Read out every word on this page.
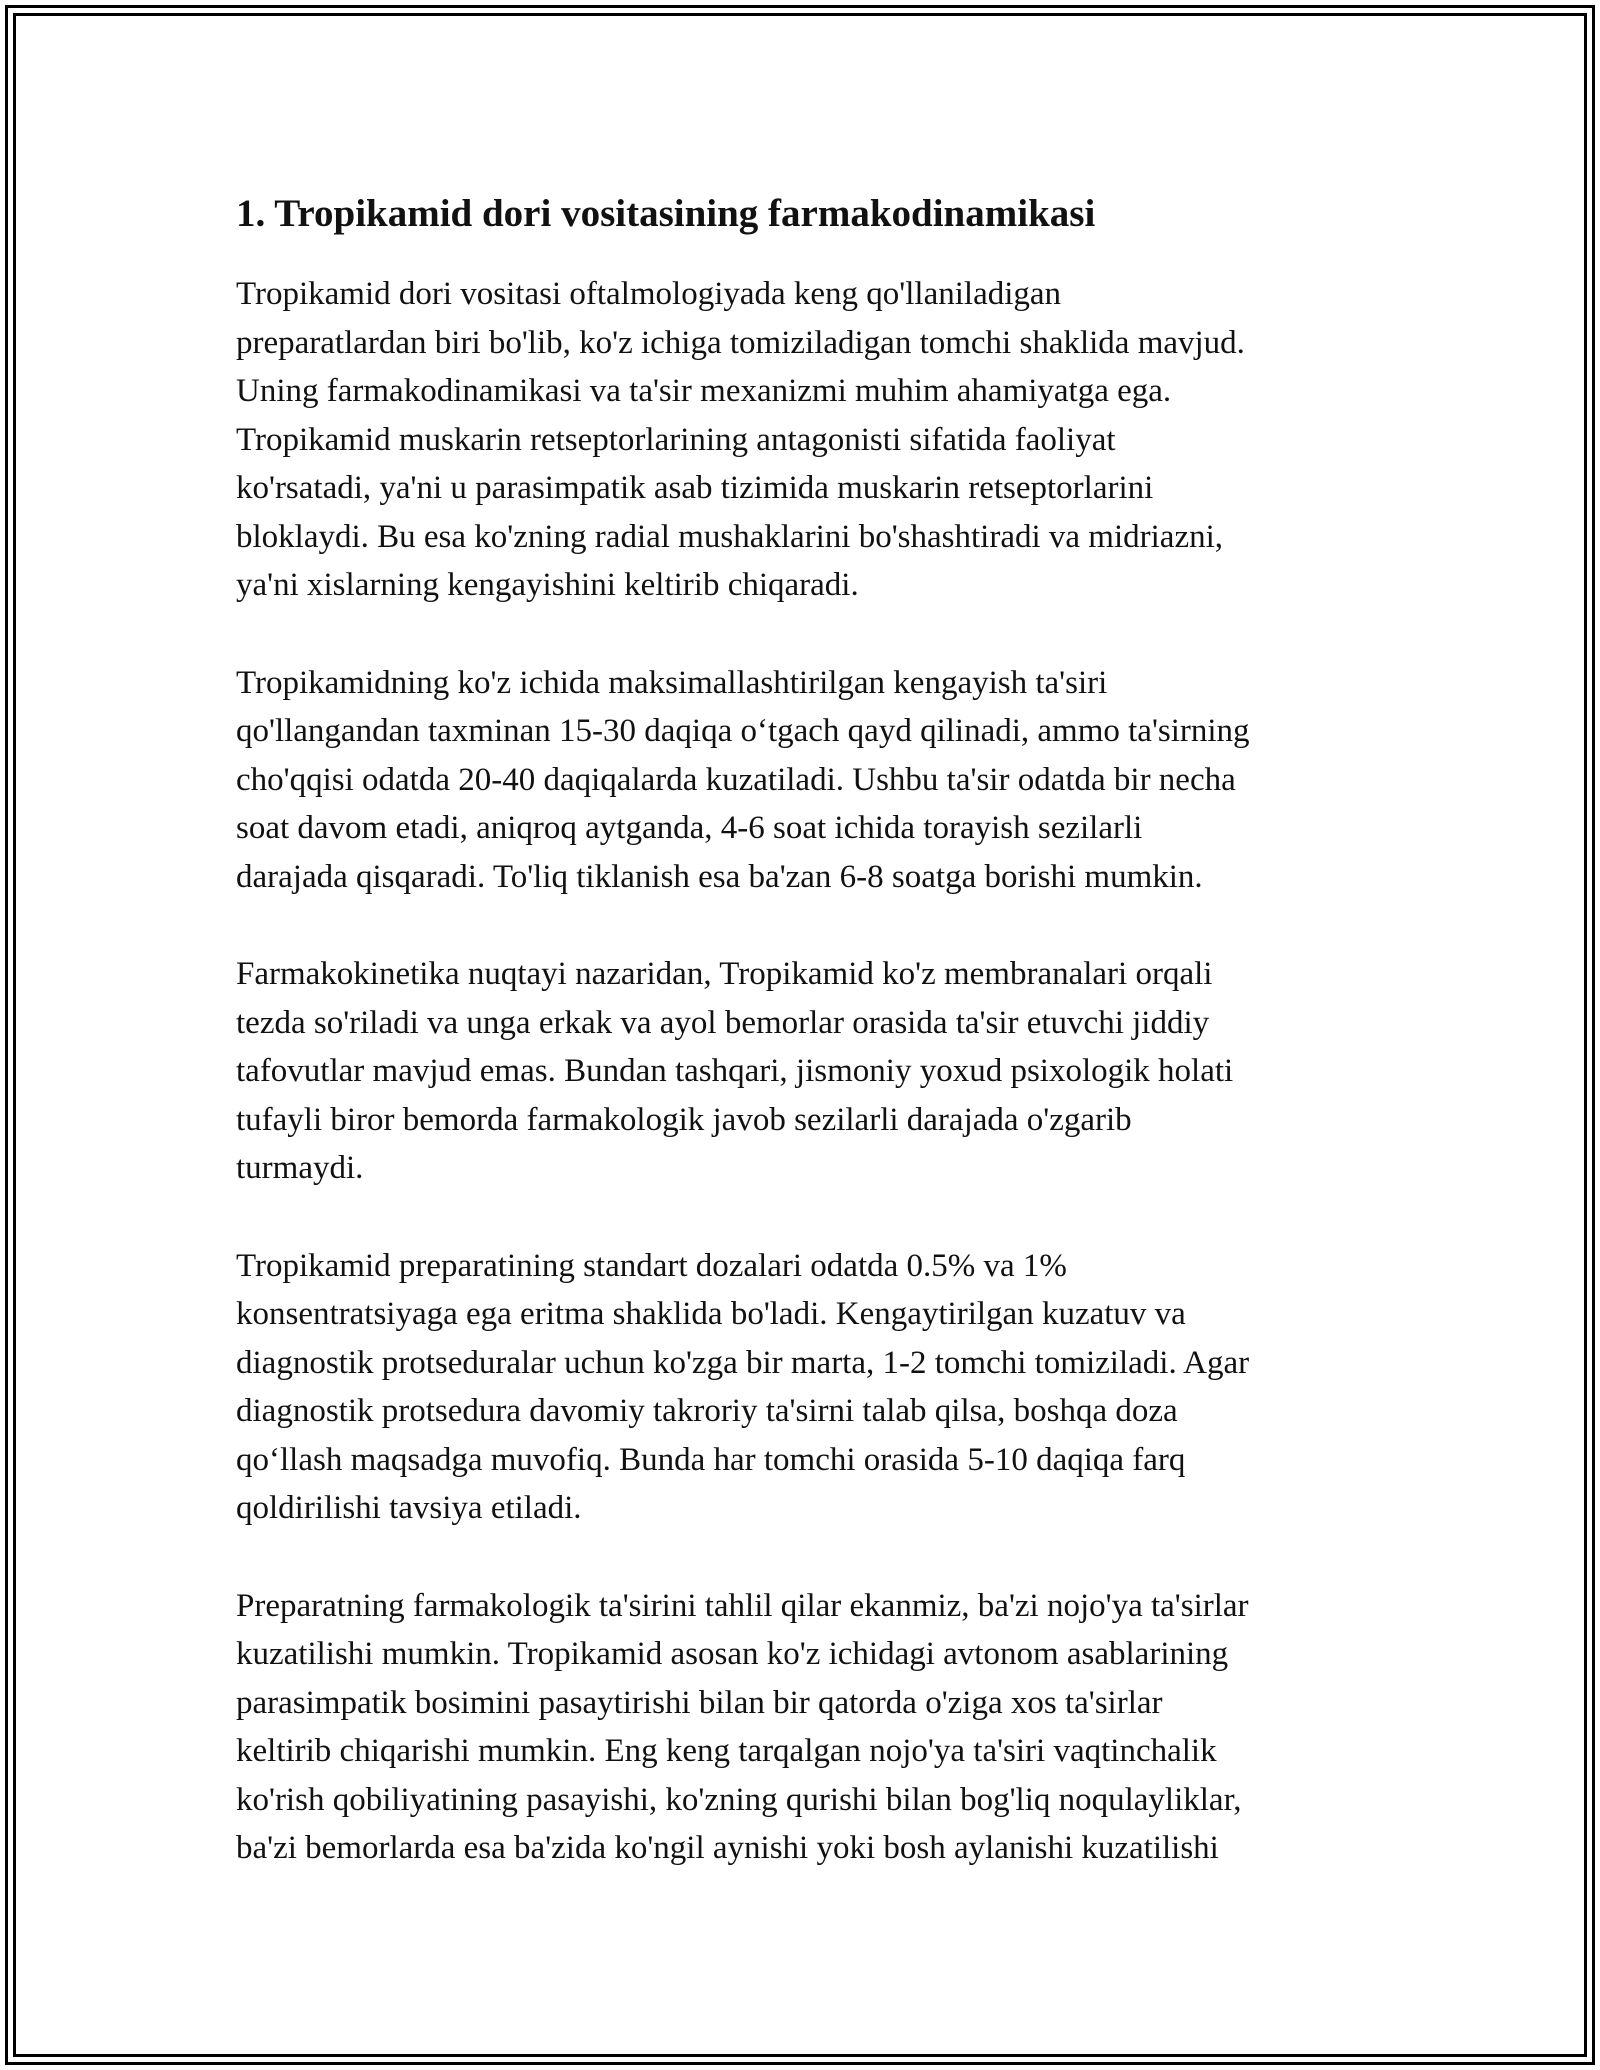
1. Tropikamid dori vositasining farmakodinamikasi
Tropikamid dori vositasi oftalmologiyada keng qo'llaniladigan
preparatlardan biri bo'lib, ko'z ichiga tomiziladigan tomchi shaklida mavjud.
Uning farmakodinamikasi va ta'sir mexanizmi muhim ahamiyatga ega.
Tropikamid muskarin retseptorlarining antagonisti sifatida faoliyat
ko'rsatadi, ya'ni u parasimpatik asab tizimida muskarin retseptorlarini
bloklaydi. Bu esa ko'zning radial mushaklarini bo'shashtiradi va midriazni,
ya'ni xislarning kengayishini keltirib chiqaradi.
Tropikamidning ko'z ichida maksimallashtirilgan kengayish ta'siri
qo'llangandan taxminan 15-30 daqiqa o‘tgach qayd qilinadi, ammo ta'sirning
cho'qqisi odatda 20-40 daqiqalarda kuzatiladi. Ushbu ta'sir odatda bir necha
soat davom etadi, aniqroq aytganda, 4-6 soat ichida torayish sezilarli
darajada qisqaradi. To'liq tiklanish esa ba'zan 6-8 soatga borishi mumkin.
Farmakokinetika nuqtayi nazaridan, Tropikamid ko'z membranalari orqali
tezda so'riladi va unga erkak va ayol bemorlar orasida ta'sir etuvchi jiddiy
tafovutlar mavjud emas. Bundan tashqari, jismoniy yoxud psixologik holati
tufayli biror bemorda farmakologik javob sezilarli darajada o'zgarib
turmaydi.
Tropikamid preparatining standart dozalari odatda 0.5% va 1%
konsentratsiyaga ega eritma shaklida bo'ladi. Kengaytirilgan kuzatuv va
diagnostik protseduralar uchun ko'zga bir marta, 1-2 tomchi tomiziladi. Agar
diagnostik protsedura davomiy takroriy ta'sirni talab qilsa, boshqa doza
qo‘llash maqsadga muvofiq. Bunda har tomchi orasida 5-10 daqiqa farq
qoldirilishi tavsiya etiladi.
Preparatning farmakologik ta'sirini tahlil qilar ekanmiz, ba'zi nojo'ya ta'sirlar
kuzatilishi mumkin. Tropikamid asosan ko'z ichidagi avtonom asablarining
parasimpatik bosimini pasaytirishi bilan bir qatorda o'ziga xos ta'sirlar
keltirib chiqarishi mumkin. Eng keng tarqalgan nojo'ya ta'siri vaqtinchalik
ko'rish qobiliyatining pasayishi, ko'zning qurishi bilan bog'liq noqulayliklar,
ba'zi bemorlarda esa ba'zida ko'ngil aynishi yoki bosh aylanishi kuzatilishi
